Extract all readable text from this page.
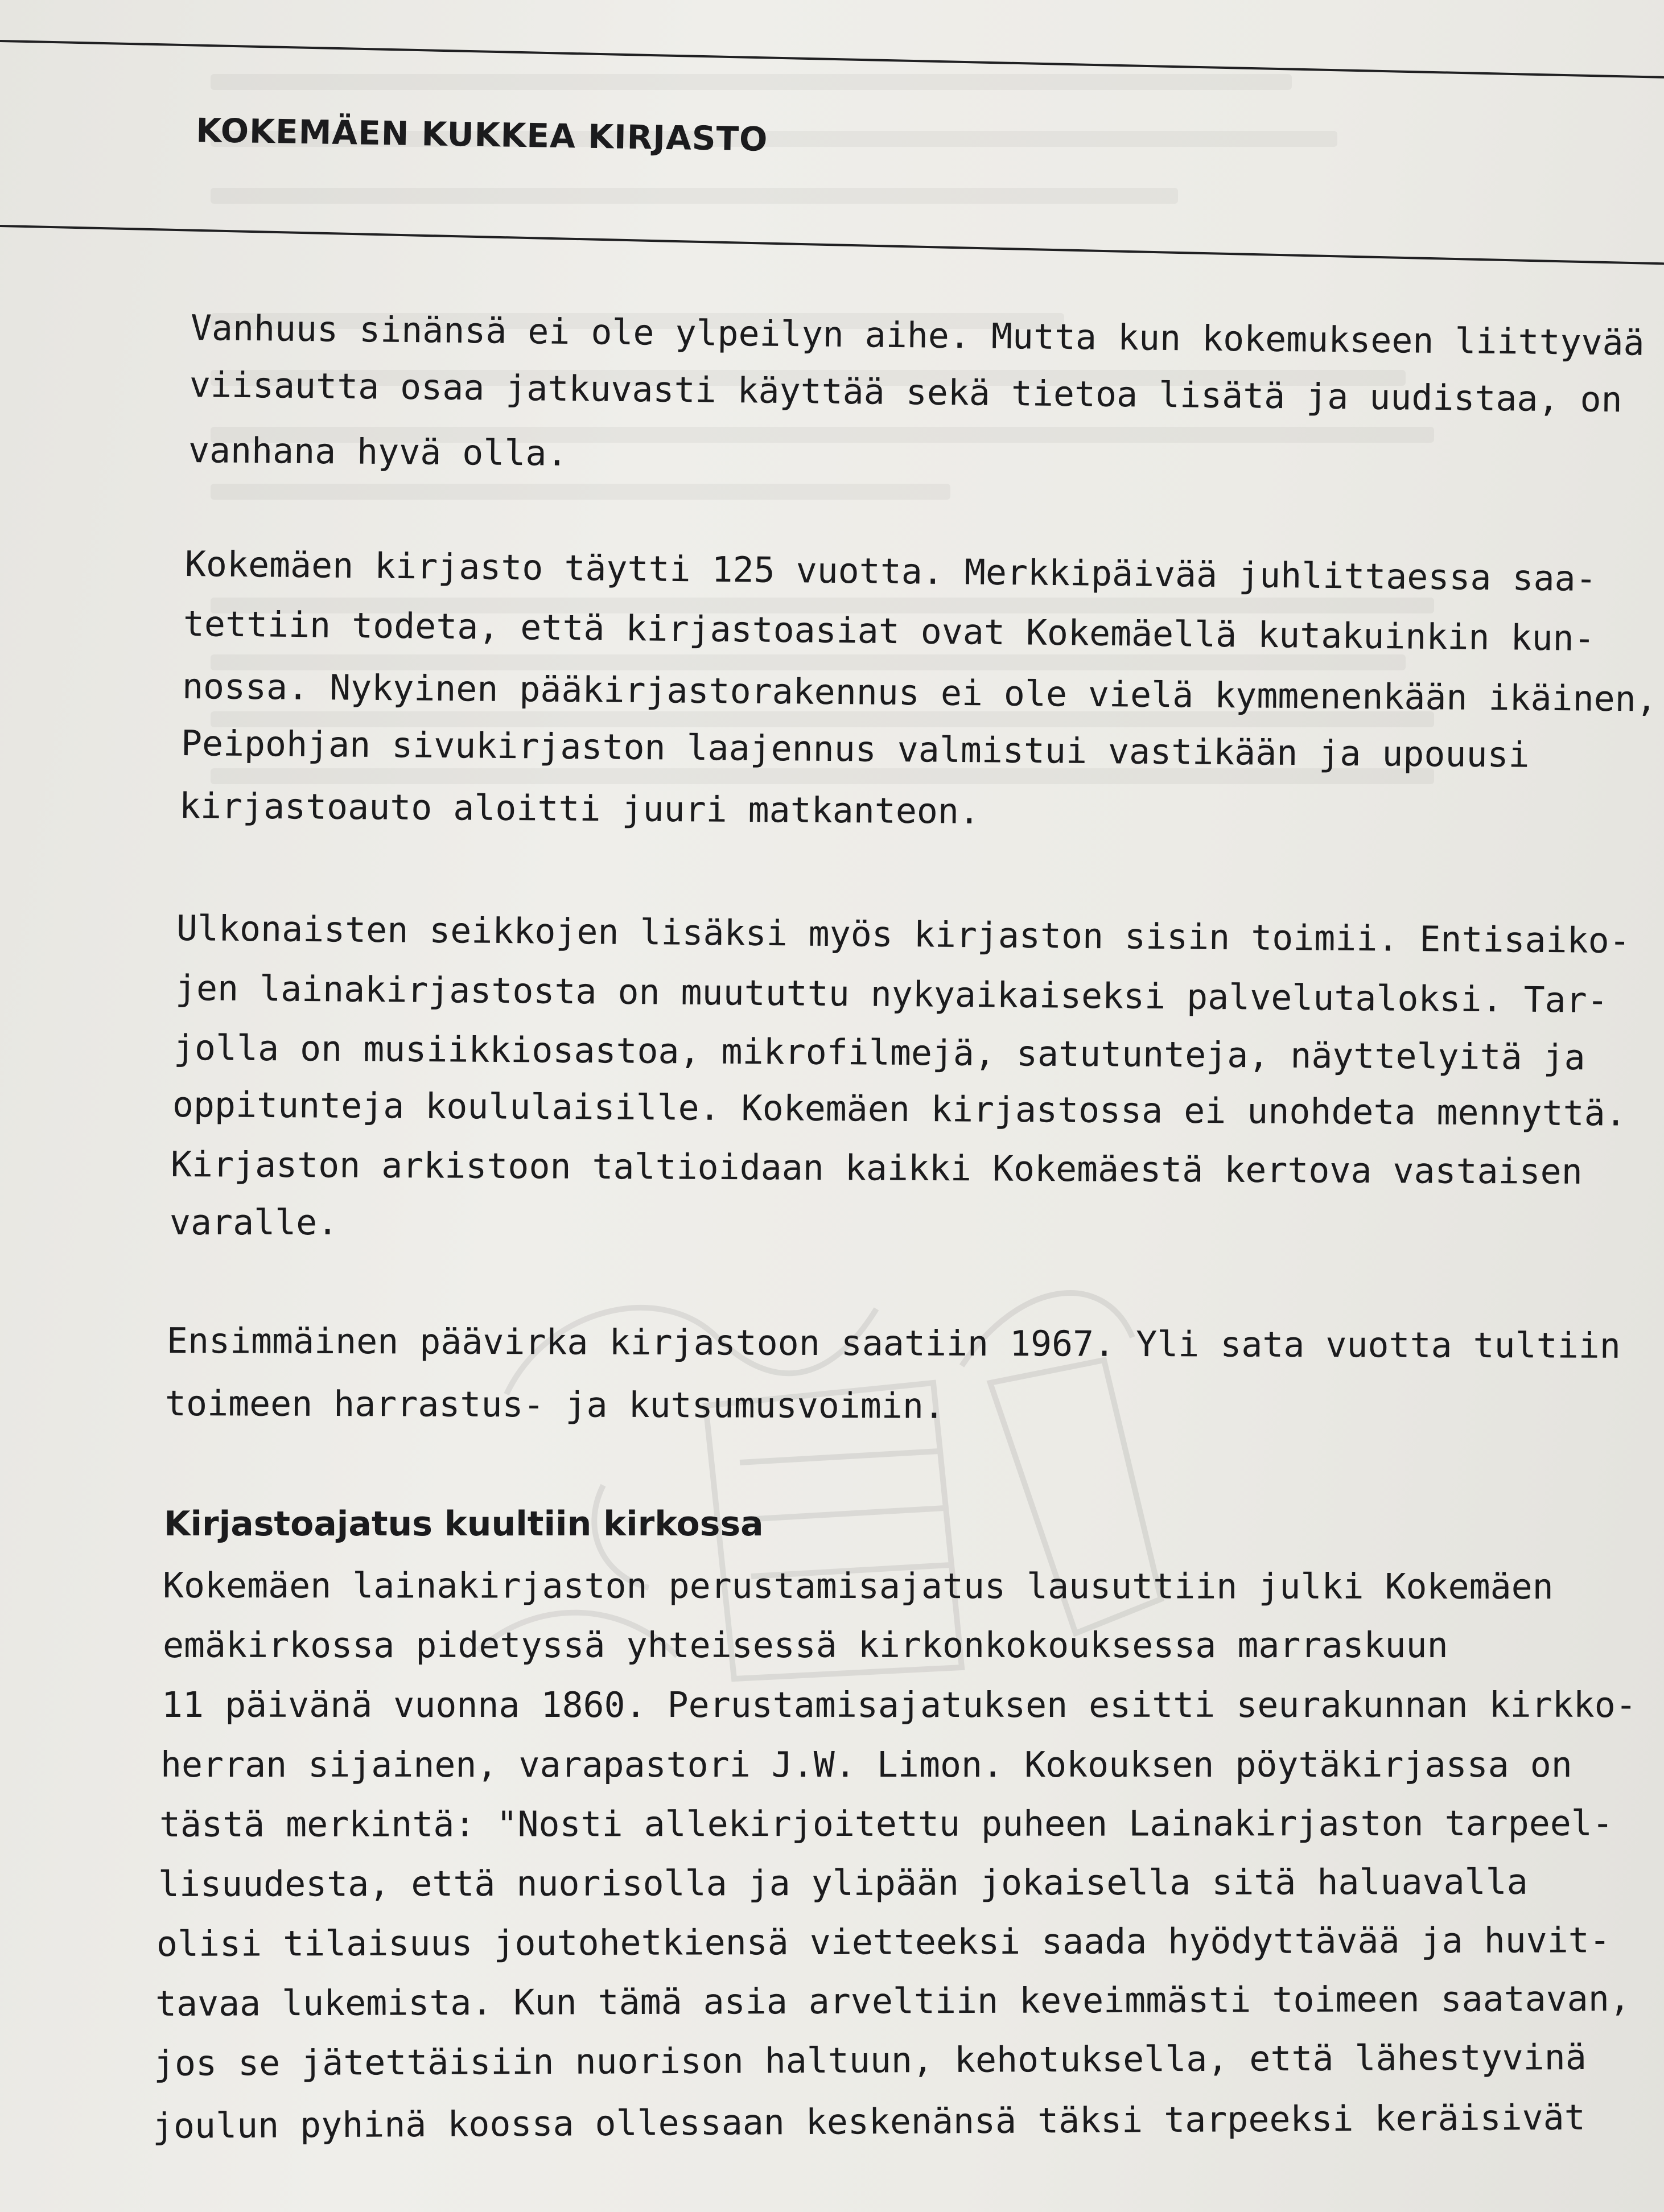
KOKEMÄEN KUKKEA KIRJASTO
Vanhuus sinänsä ei ole ylpeilyn aihe. Mutta kun kokemukseen liittyvää
viisautta osaa jatkuvasti käyttää sekä tietoa lisätä ja uudistaa, on
vanhana hyvä olla.
Kokemäen kirjasto täytti 125 vuotta. Merkkipäivää juhlittaessa saa-
tettiin todeta, että kirjastoasiat ovat Kokemäellä kutakuinkin kun-
nossa. Nykyinen pääkirjastorakennus ei ole vielä kymmenenkään ikäinen,
Peipohjan sivukirjaston laajennus valmistui vastikään ja upouusi
kirjastoauto aloitti juuri matkanteon.
Ulkonaisten seikkojen lisäksi myös kirjaston sisin toimii. Entisaiko-
jen lainakirjastosta on muututtu nykyaikaiseksi palvelutaloksi. Tar-
jolla on musiikkiosastoa, mikrofilmejä, satutunteja, näyttelyitä ja
oppitunteja koululaisille. Kokemäen kirjastossa ei unohdeta mennyttä.
Kirjaston arkistoon taltioidaan kaikki Kokemäestä kertova vastaisen
varalle.
Ensimmäinen päävirka kirjastoon saatiin 1967. Yli sata vuotta tultiin
toimeen harrastus- ja kutsumusvoimin.
Kirjastoajatus kuultiin kirkossa
Kokemäen lainakirjaston perustamisajatus lausuttiin julki Kokemäen
emäkirkossa pidetyssä yhteisessä kirkonkokouksessa marraskuun
11 päivänä vuonna 1860. Perustamisajatuksen esitti seurakunnan kirkko-
herran sijainen, varapastori J.W. Limon. Kokouksen pöytäkirjassa on
tästä merkintä: "Nosti allekirjoitettu puheen Lainakirjaston tarpeel-
lisuudesta, että nuorisolla ja ylipään jokaisella sitä haluavalla
olisi tilaisuus joutohetkiensä vietteeksi saada hyödyttävää ja huvit-
tavaa lukemista. Kun tämä asia arveltiin keveimmästi toimeen saatavan,
jos se jätettäisiin nuorison haltuun, kehotuksella, että lähestyvinä
joulun pyhinä koossa ollessaan keskenänsä täksi tarpeeksi keräisivät
